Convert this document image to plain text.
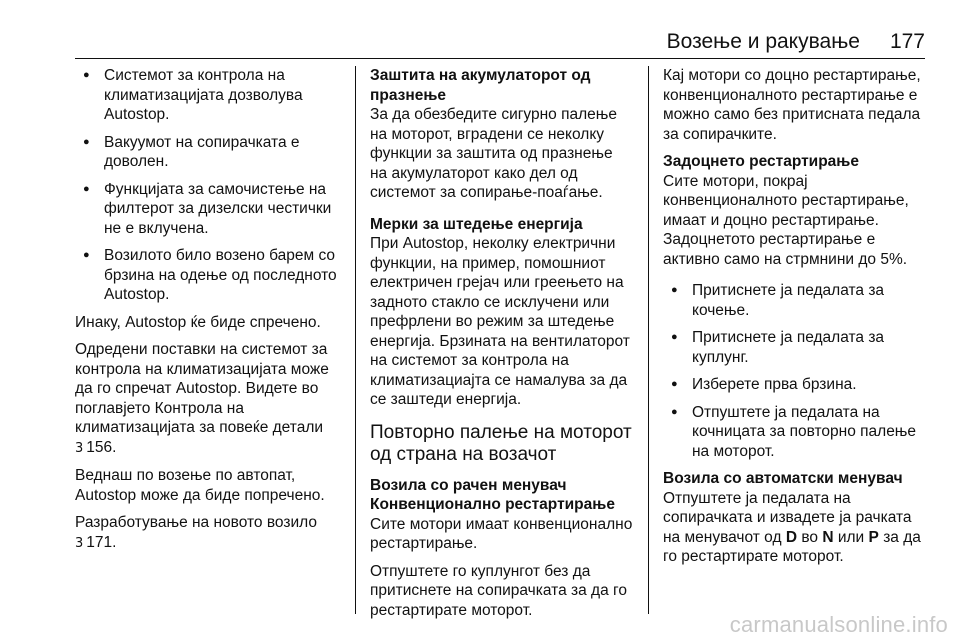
Возење и ракување 177
● Системот за контрола на климатизацијата дозволува Autostop.
● Вакуумот на сопирачката е доволен.
● Функцијата за самочистење на филтерот за дизелски честички не е вклучена.
● Возилото било возено барем со брзина на одење од последното Autostop.

Инаку, Autostop ќе биде спречено.

Одредени поставки на системот за контрола на климатизацијата може да го спречат Autostop. Видете во поглавјето Контрола на климатизацијата за повеќе детали
3 156.

Веднаш по возење по автопат, Autostop може да биде попречено.

Разработување на новото возило
3 171.

Заштита на акумулаторот од празнење

За да обезбедите сигурно палење на моторот, вградени се неколку функции за заштита од празнење на акумулаторот како дел од системот за сопирање-поаѓање.

Мерки за штедење енергија

При Autostop, неколку електрични функции, на пример, помошниот електричен грејач или греењето на задното стакло се исклучени или префрлени во режим за штедење енергија. Брзината на вентилаторот на системот за контрола на климатизациајта се намалува за да се заштеди енергија.

Повторно палење на моторот од страна на возачот
Возила со рачен менувач
Конвенционално рестартирање

Сите мотори имаат конвенционално рестартирање.

Отпуштете го куплунгот без да притиснете на сопирачката за да го рестартирате моторот.

Кај мотори со доцно рестартирање, конвенционалното рестартирање е можно само без притисната педала за сопирачките.

Задоцнето рестартирање

Сите мотори, покрај конвенционалното рестартирање, имаат и доцно рестартирање. Задоцнетото рестартирање е активно само на стрмнини до 5%.

● Притиснете ја педалата за кочење.
● Притиснете ја педалата за куплунг.
● Изберете прва брзина.
● Отпуштете ја педалата на кочницата за повторно палење на моторот.
Возила со автоматски менувач

Отпуштете ја педалата на сопирачката и извадете ја рачката на менувачот од D во N или P за да го рестартирате моторот.

carmanualsonline.info
